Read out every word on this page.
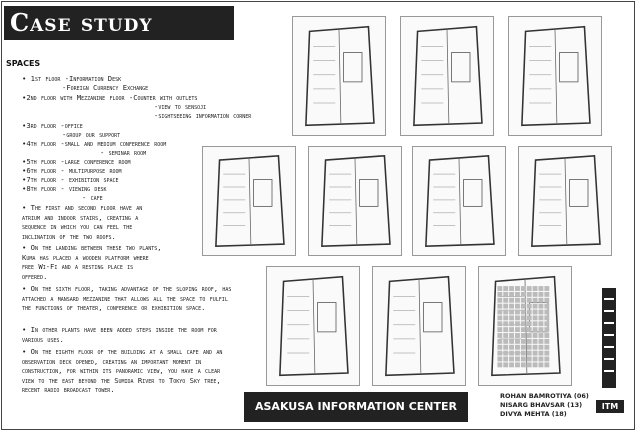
Case study
spaces
• 1st floor -Information Desk
-Foreign Currency Exchange
•2nd floor with Mezzanine floor -Counter with outlets
-view to sensoji
-sightseeing information corner
•3rd floor -office
-group our support
•4th floor -small and medium conference room
- seminar room
•5th floor -large conference room
•6th floor - multipurpose room
•7th floor - exhibition space
•8th floor - viewing desk
- cafe
• The first and second floor have an atrium and indoor stairs, creating a sequence in which you can feel the inclination of the two roofs.
• On the landing between these two plants, Kuma has placed a wooden platform where free Wi-Fi and a resting place is offered.
• On the sixth floor, taking advantage of the sloping roof, has attached a mansard mezzanine that allows all the space to fulfil the functions of theater, conference or exhibition space.
• In other plants have been added steps inside the room for various uses.
• On the eighth floor of the building at a small cafe and an observation deck opened, creating an important moment in construction, for within its panoramic view, you have a clear view to the east beyond the Sumida River to Tokyo Sky tree, recent radio broadcast tower.
ASAKUSA INFORMATION CENTER
ROHAN BAMROTIYA (06)
NISARG BHAVSAR (13)
DIVYA MEHTA (18)
ITM
